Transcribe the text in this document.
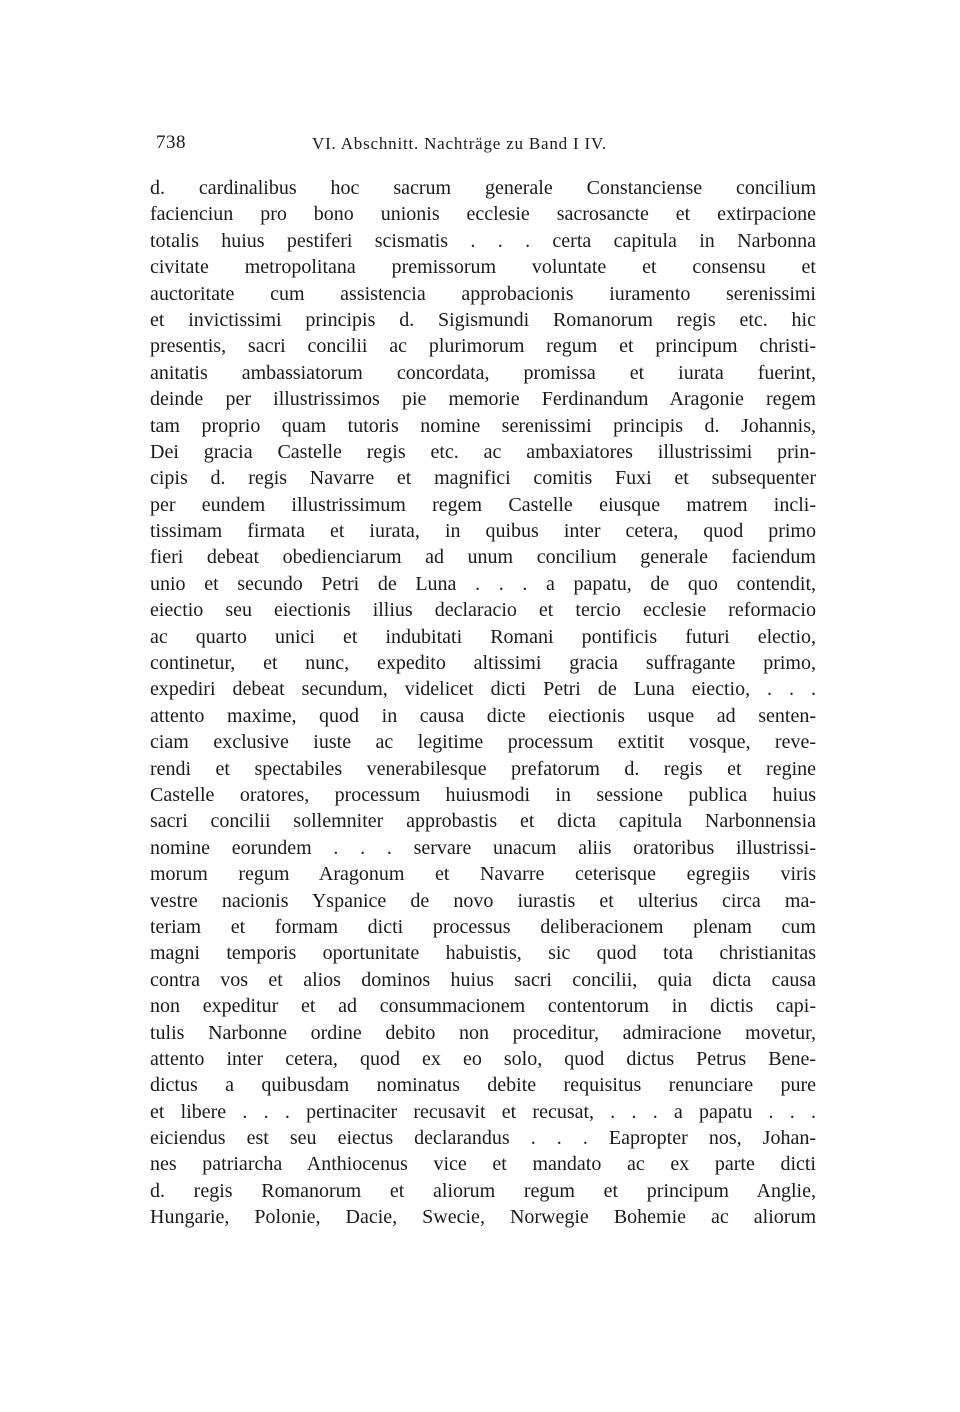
738	VI. Abschnitt. Nachträge zu Band I IV.
d. cardinalibus hoc sacrum generale Constanciense concilium
facienciun pro bono unionis ecclesie sacrosancte et extirpacione
totalis huius pestiferi scismatis . . . certa capitula in Narbonna
civitate metropolitana premissorum voluntate et consensu et
auctoritate cum assistencia approbacionis iuramento serenissimi
et invictissimi principis d. Sigismundi Romanorum regis etc. hic
presentis, sacri concilii ac plurimorum regum et principum christi-
anitatis ambassiatorum concordata, promissa et iurata fuerint,
deinde per illustrissimos pie memorie Ferdinandum Aragonie regem
tam proprio quam tutoris nomine serenissimi principis d. Johannis,
Dei gracia Castelle regis etc. ac ambaxiatores illustrissimi prin-
cipis d. regis Navarre et magnifici comitis Fuxi et subsequenter
per eundem illustrissimum regem Castelle eiusque matrem incli-
tissimam firmata et iurata, in quibus inter cetera, quod primo
fieri debeat obedienciarum ad unum concilium generale faciendum
unio et secundo Petri de Luna . . . a papatu, de quo contendit,
eiectio seu eiectionis illius declaracio et tercio ecclesie reformacio
ac quarto unici et indubitati Romani pontificis futuri electio,
continetur, et nunc, expedito altissimi gracia suffragante primo,
expediri debeat secundum, videlicet dicti Petri de Luna eiectio, . . .
attento maxime, quod in causa dicte eiectionis usque ad senten-
ciam exclusive iuste ac legitime processum extitit vosque, reve-
rendi et spectabiles venerabilesque prefatorum d. regis et regine
Castelle oratores, processum huiusmodi in sessione publica huius
sacri concilii sollemniter approbastis et dicta capitula Narbonnensia
nomine eorundem . . . servare unacum aliis oratoribus illustrissi-
morum regum Aragonum et Navarre ceterisque egregiis viris
vestre nacionis Yspanice de novo iurastis et ulterius circa ma-
teriam et formam dicti processus deliberacionem plenam cum
magni temporis oportunitate habuistis, sic quod tota christianitas
contra vos et alios dominos huius sacri concilii, quia dicta causa
non expeditur et ad consummacionem contentorum in dictis capi-
tulis Narbonne ordine debito non proceditur, admiracione movetur,
attento inter cetera, quod ex eo solo, quod dictus Petrus Bene-
dictus a quibusdam nominatus debite requisitus renunciare pure
et libere . . . pertinaciter recusavit et recusat, . . . a papatu . . .
eiciendus est seu eiectus declarandus . . . Eapropter nos, Johan-
nes patriarcha Anthiocenus vice et mandato ac ex parte dicti
d. regis Romanorum et aliorum regum et principum Anglie,
Hungarie, Polonie, Dacie, Swecie, Norwegie Bohemie ac aliorum
